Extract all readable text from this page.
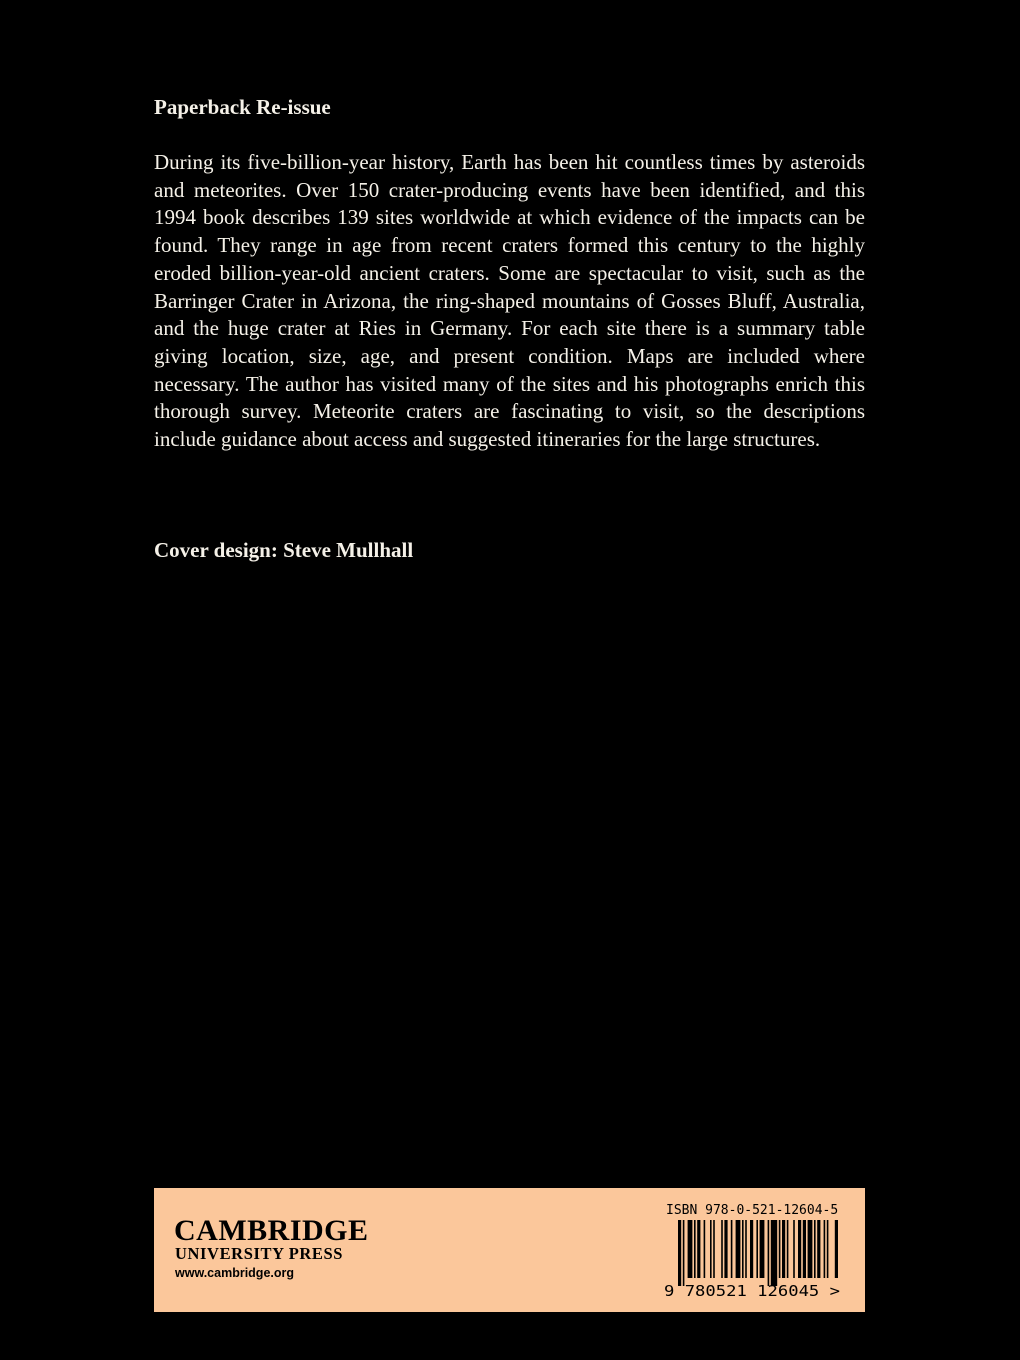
Paperback Re-issue

During its five-billion-year history, Earth has been hit countless times by asteroids and meteorites. Over 150 crater-producing events have been identified, and this 1994 book describes 139 sites worldwide at which evidence of the impacts can be found. They range in age from recent craters formed this century to the highly eroded billion-year-old ancient craters. Some are spectacular to visit, such as the Barringer Crater in Arizona, the ring-shaped mountains of Gosses Bluff, Australia, and the huge crater at Ries in Germany. For each site there is a summary table giving location, size, age, and present condition. Maps are included where necessary. The author has visited many of the sites and his photographs enrich this thorough survey. Meteorite craters are fascinating to visit, so the descriptions include guidance about access and suggested itineraries for the large structures.

Cover design: Steve Mullhall
CAMBRIDGE
UNIVERSITY PRESS
www.cambridge.org
ISBN 978-0-521-12604-5
9 780521 126045 >
